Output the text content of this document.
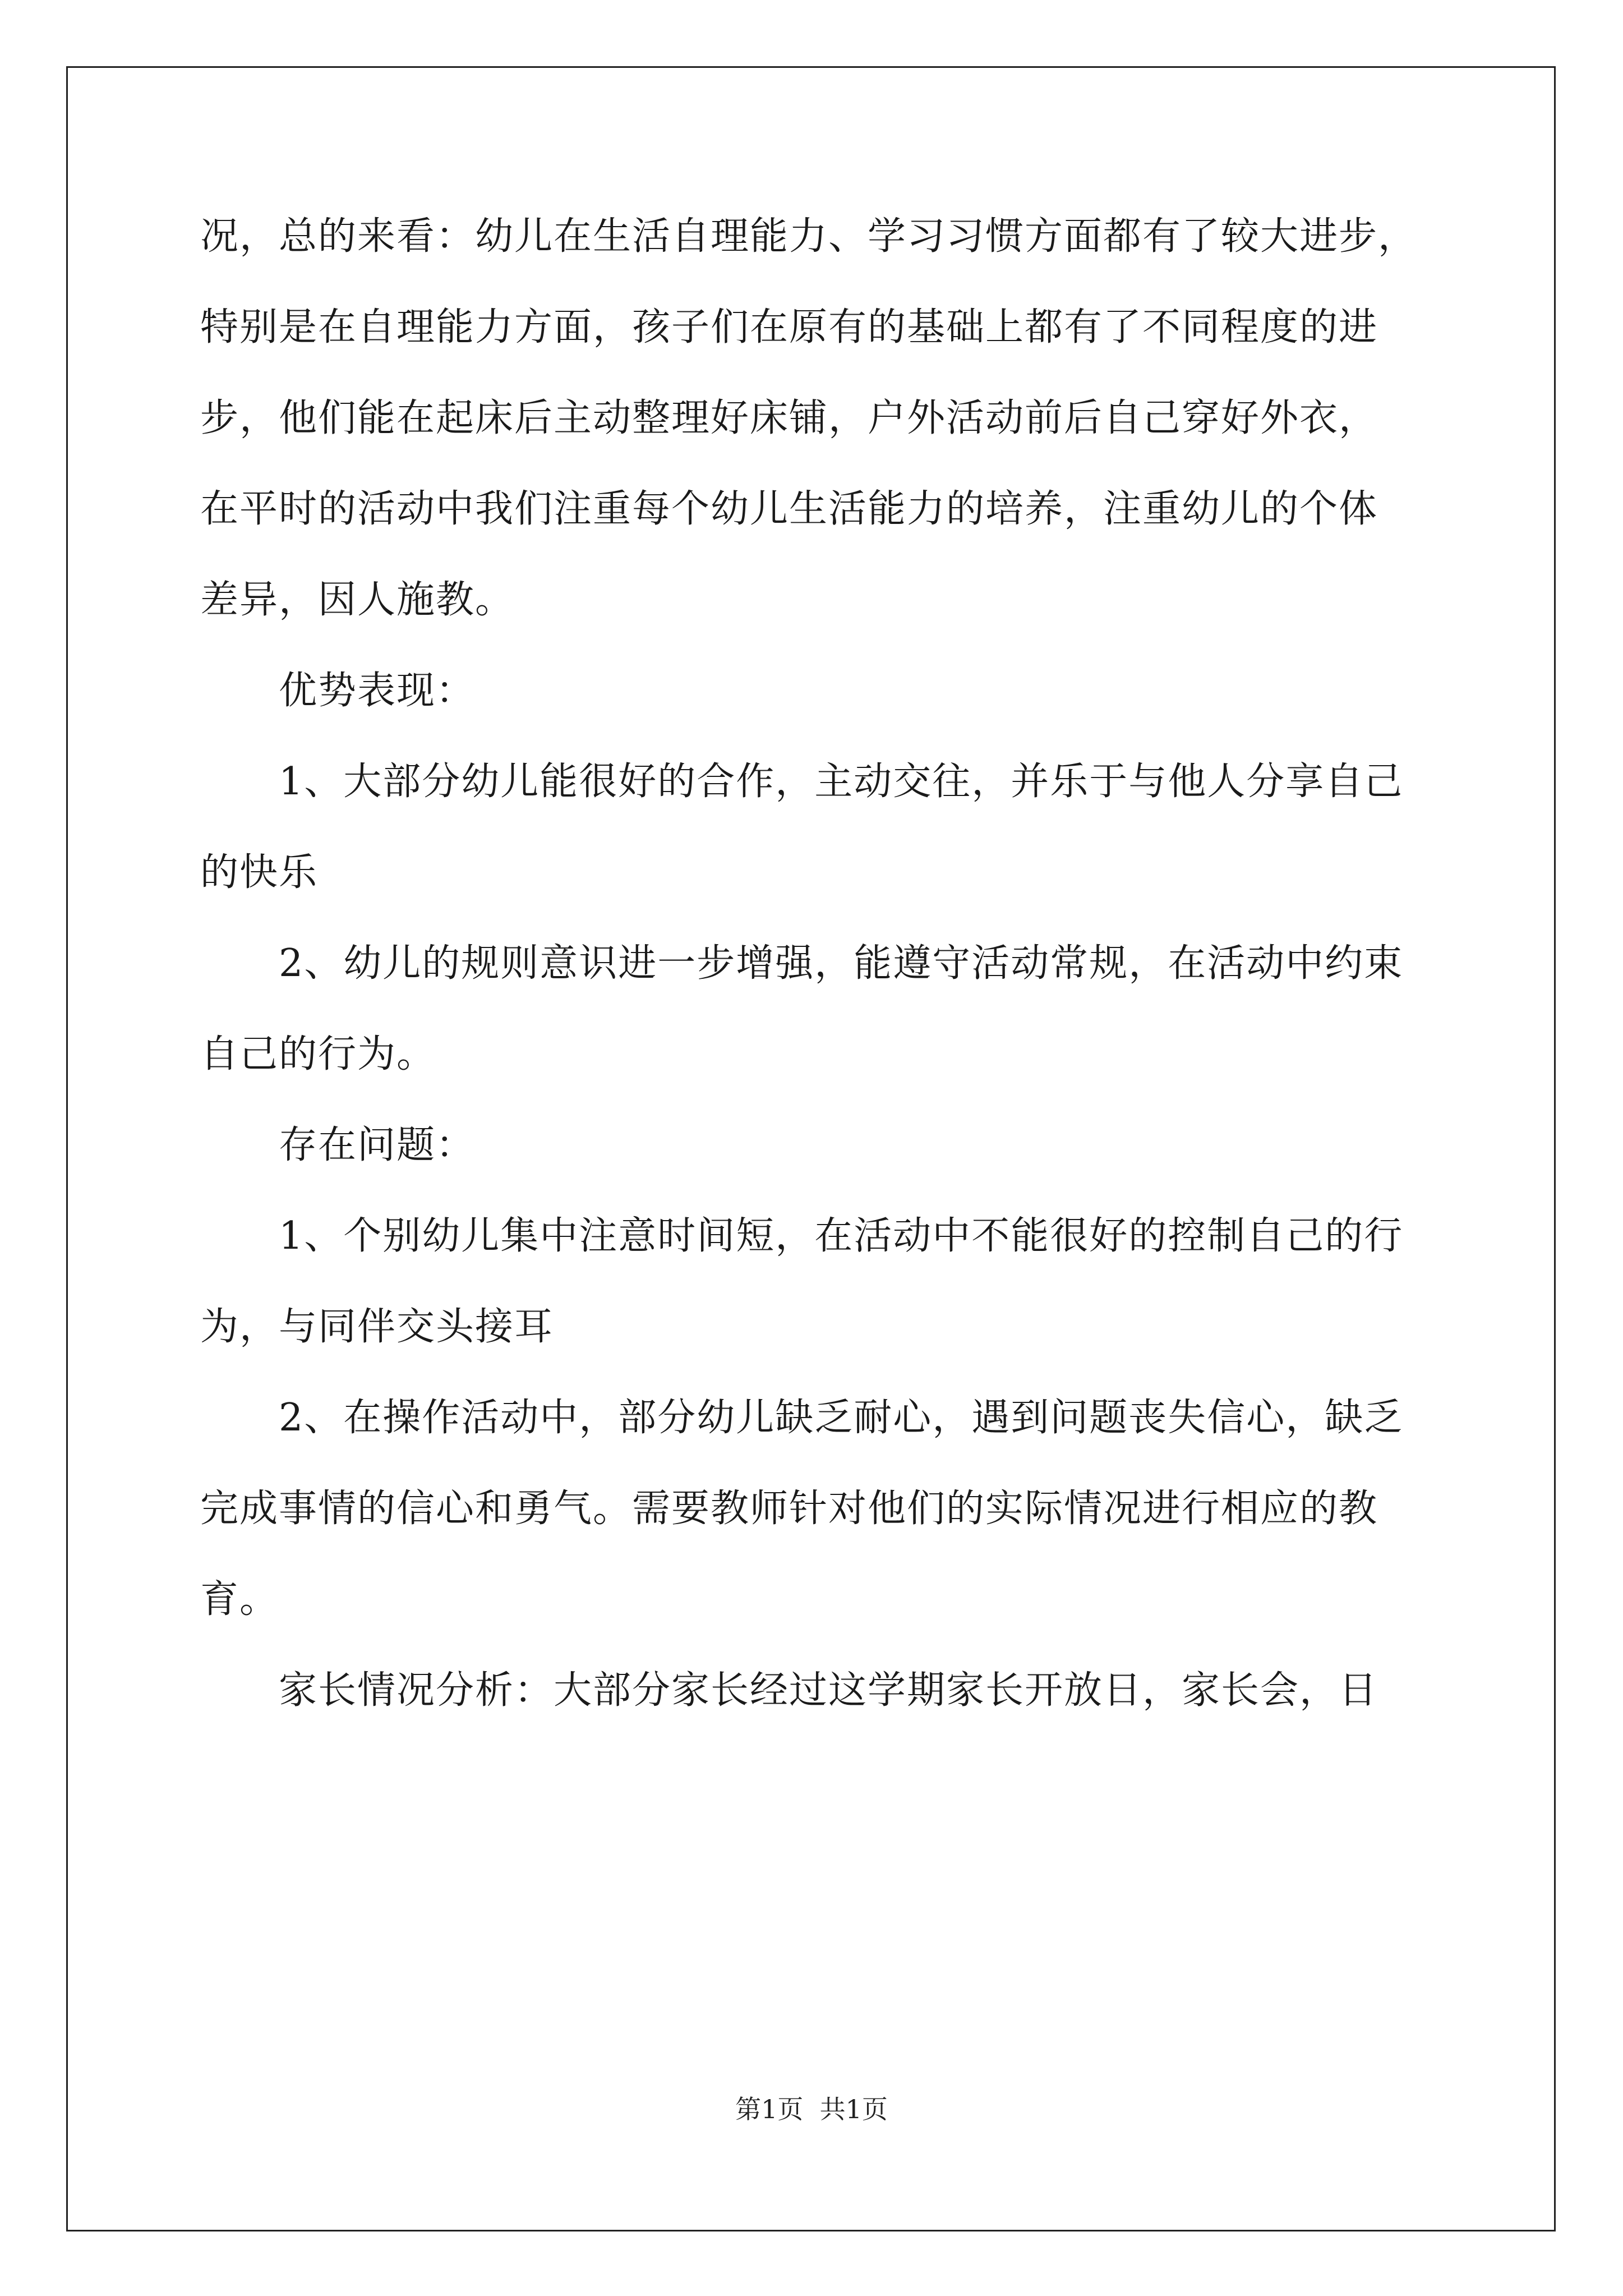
况，总的来看：幼儿在生活自理能力、学习习惯方面都有了较大进步，
特别是在自理能力方面，孩子们在原有的基础上都有了不同程度的进
步，他们能在起床后主动整理好床铺，户外活动前后自己穿好外衣，
在平时的活动中我们注重每个幼儿生活能力的培养，注重幼儿的个体
差异，因人施教。
优势表现：
1、大部分幼儿能很好的合作，主动交往，并乐于与他人分享自己
的快乐
2、幼儿的规则意识进一步增强，能遵守活动常规，在活动中约束
自己的行为。
存在问题：
1、个别幼儿集中注意时间短，在活动中不能很好的控制自己的行
为，与同伴交头接耳
2、在操作活动中，部分幼儿缺乏耐心，遇到问题丧失信心，缺乏
完成事情的信心和勇气。需要教师针对他们的实际情况进行相应的教
育。
家长情况分析：大部分家长经过这学期家长开放日，家长会，日
第1页  共1页
